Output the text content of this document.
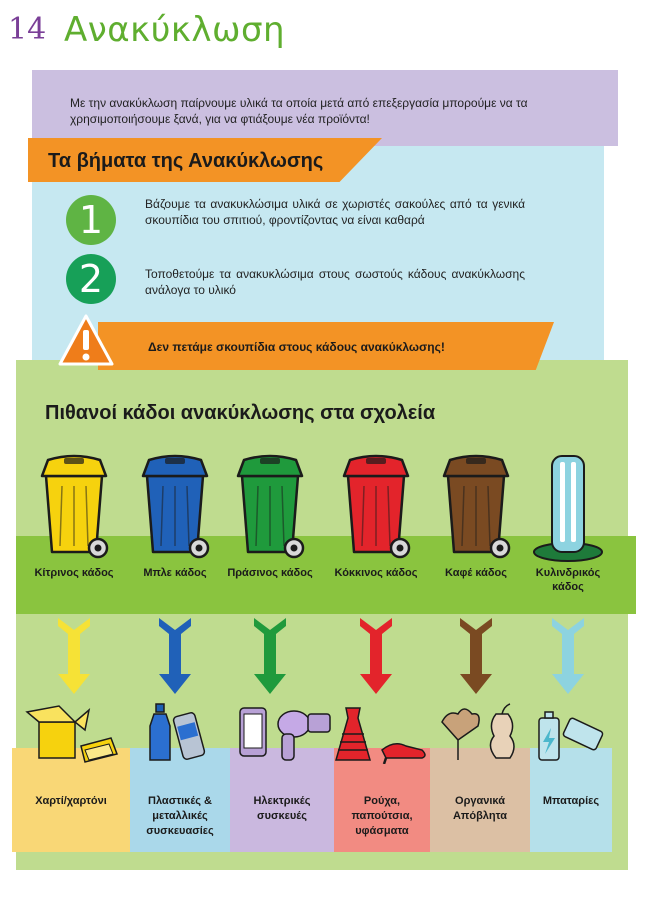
14 Ανακύκλωση
Με την ανακύκλωση παίρνουμε υλικά τα οποία μετά από επεξεργασία μπορούμε να τα χρησιμοποιήσουμε ξανά, για να φτιάξουμε νέα προϊόντα!
Τα βήματα της Ανακύκλωσης
1	Βάζουμε τα ανακυκλώσιμα υλικά σε χωριστές σακούλες από τα γενικά σκουπίδια του σπιτιού, φροντίζοντας να είναι καθαρά
2	Τοποθετούμε τα ανακυκλώσιμα στους σωστούς κάδους ανακύκλωσης ανάλογα το υλικό
Δεν πετάμε σκουπίδια στους κάδους ανακύκλωσης!
Πιθανοί κάδοι ανακύκλωσης στα σχολεία
Κίτρινος κάδος
Χαρτί/χαρτόνι
Μπλε κάδος
Πλαστικές & μεταλλικές συσκευασίες
Πράσινος κάδος
Ηλεκτρικές συσκευές
Κόκκινος κάδος
Ρούχα, παπούτσια, υφάσματα
Καφέ κάδος
Οργανικά Απόβλητα
Κυλινδρικός κάδος
Μπαταρίες
